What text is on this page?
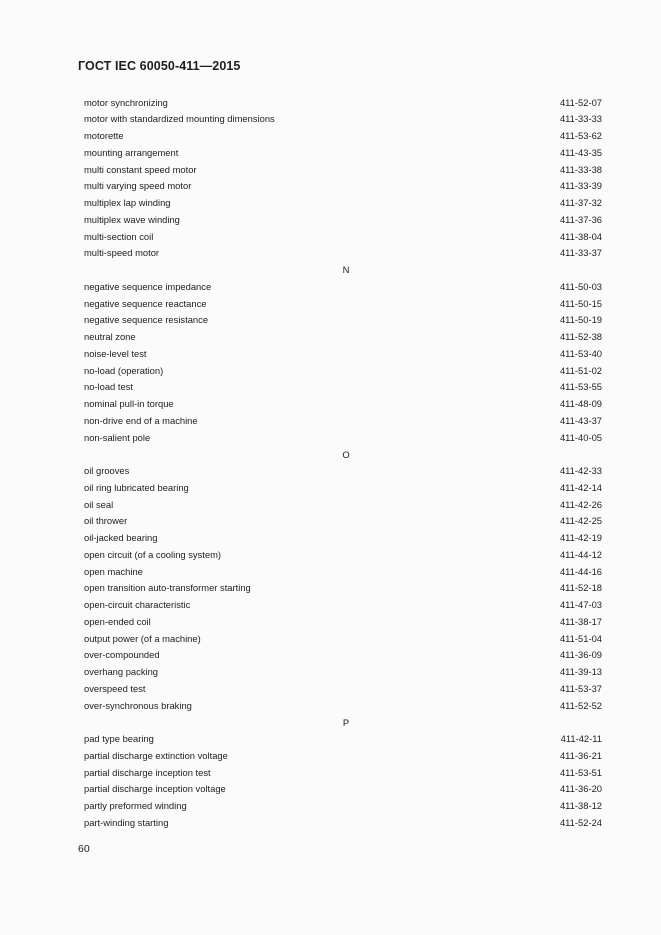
ГОСТ IEC 60050-411—2015
motor synchronizing	411-52-07
motor with standardized mounting dimensions	411-33-33
motorette	411-53-62
mounting arrangement	411-43-35
multi constant speed motor	411-33-38
multi varying speed motor	411-33-39
multiplex lap winding	411-37-32
multiplex wave winding	411-37-36
multi-section coil	411-38-04
multi-speed motor	411-33-37
N
negative sequence impedance	411-50-03
negative sequence reactance	411-50-15
negative sequence resistance	411-50-19
neutral zone	411-52-38
noise-level test	411-53-40
no-load (operation)	411-51-02
no-load test	411-53-55
nominal pull-in torque	411-48-09
non-drive end of a machine	411-43-37
non-salient pole	411-40-05
O
oil grooves	411-42-33
oil ring lubricated bearing	411-42-14
oil seal	411-42-26
oil thrower	411-42-25
oil-jacked bearing	411-42-19
open circuit (of a cooling system)	411-44-12
open machine	411-44-16
open transition auto-transformer starting	411-52-18
open-circuit characteristic	411-47-03
open-ended coil	411-38-17
output power (of a machine)	411-51-04
over-compounded	411-36-09
overhang packing	411-39-13
overspeed test	411-53-37
over-synchronous braking	411-52-52
P
pad type bearing	411-42-11
partial discharge extinction voltage	411-36-21
partial discharge inception test	411-53-51
partial discharge inception voltage	411-36-20
partly preformed winding	411-38-12
part-winding starting	411-52-24
60
